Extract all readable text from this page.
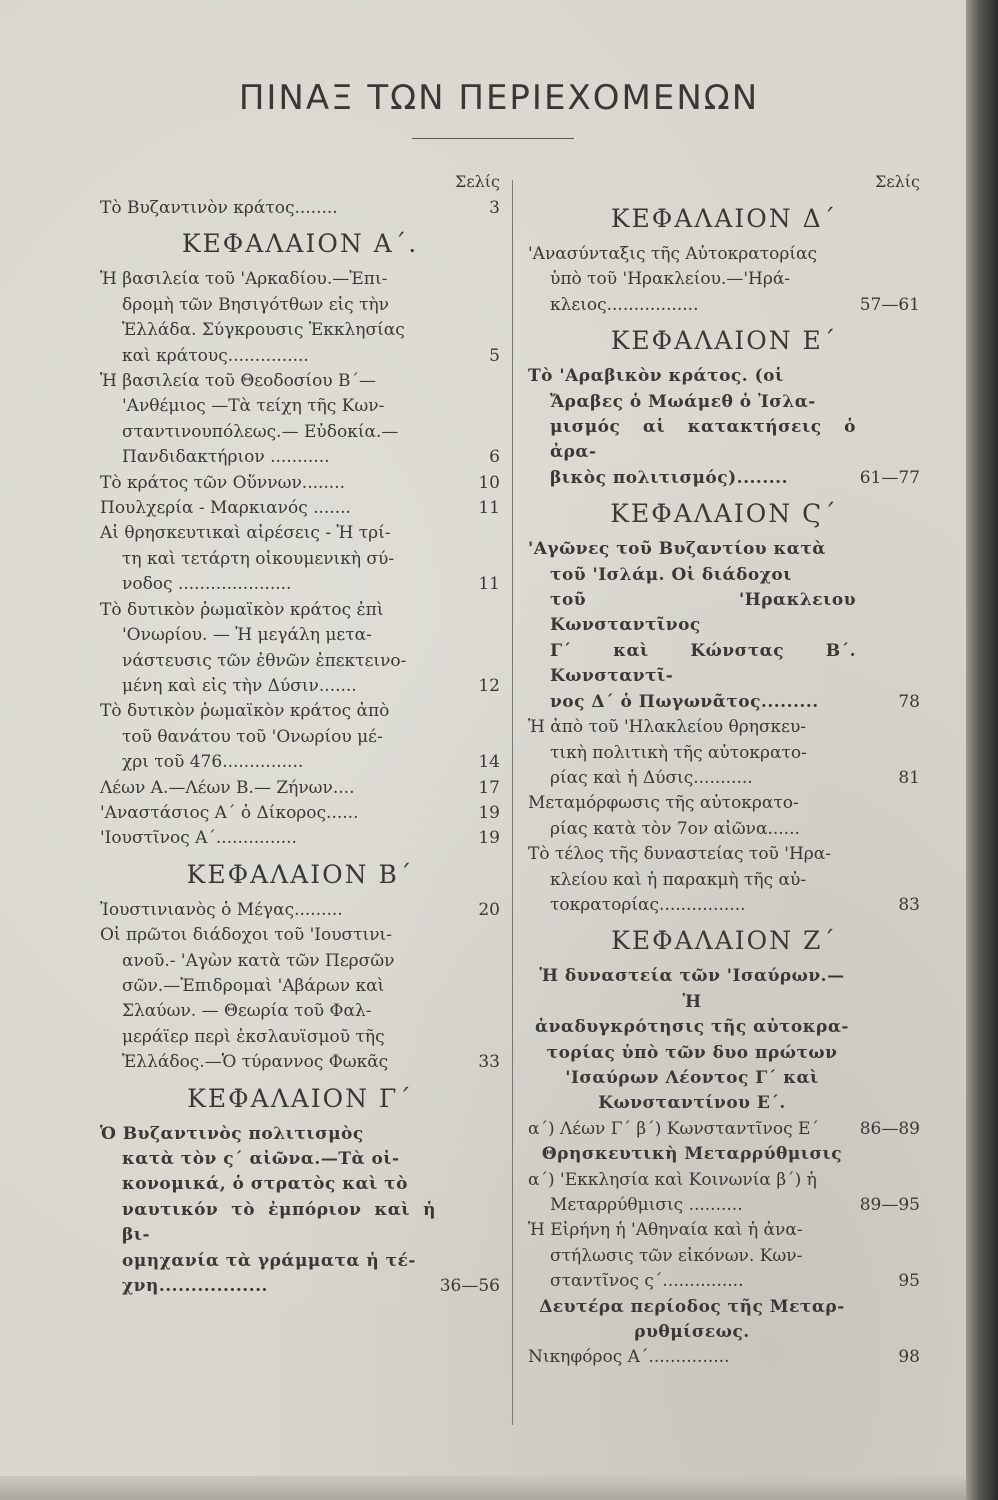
ΠΙΝΑΞ ΤΩΝ ΠΕΡΙΕΧΟΜΕΝΩΝ
Σελίς
Τὸ Βυζαντινὸν κράτος........	3
ΚΕΦΑΛΑΙΟΝ Α΄.
Ἡ βασιλεία τοῦ 'Αρκαδίου.—Ἐπι-
δρομὴ τῶν Βησιγότθων εἰς τὴν
Ἑλλάδα. Σύγκρουσις Ἐκκλησίας
καὶ κράτους...............	5
Ἡ βασιλεία τοῦ Θεοδοσίου Β΄—
'Ανθέμιος —Τὰ τείχη τῆς Κων-
σταντινουπόλεως.— Εὐδοκία.—
Πανδιδακτήριον ...........	6
Τὸ κράτος τῶν Οὕννων........	10
Πουλχερία - Μαρκιανός .......	11
Αἱ θρησκευτικαὶ αἱρέσεις - Ἡ τρί-
τη καὶ τετάρτη οἰκουμενικὴ σύ-
νοδος .....................	11
Τὸ δυτικὸν ῥωμαϊκὸν κράτος ἐπὶ
'Ονωρίου. — Ἡ μεγάλη μετα-
νάστευσις τῶν ἐθνῶν ἐπεκτεινο-
μένη καὶ εἰς τὴν Δύσιν.......	12
Τὸ δυτικὸν ῥωμαϊκὸν κράτος ἀπὸ
τοῦ θανάτου τοῦ 'Ονωρίου μέ-
χρι τοῦ 476...............	14
Λέων Α.—Λέων Β.— Ζήνων....	17
'Αναστάσιος Α΄ ὁ Δίκορος......	19
'Ιουστῖνος Α΄...............	19
ΚΕΦΑΛΑΙΟΝ Β΄
Ἰουστινιανὸς ὁ Μέγας.........	20
Οἱ πρῶτοι διάδοχοι τοῦ 'Ιουστινι-
ανοῦ.- 'Αγὼν κατὰ τῶν Περσῶν
σῶν.—Ἐπιδρομαὶ 'Αβάρων καὶ
Σλαύων. — Θεωρία τοῦ Φαλ-
μεράϊερ περὶ ἐκσλαυϊσμοῦ τῆς
Ἑλλάδος.—Ὁ τύραννος Φωκᾶς	33
ΚΕΦΑΛΑΙΟΝ Γ΄
Ὁ Βυζαντινὸς πολιτισμὸς
κατὰ τὸν ς΄ αἰῶνα.—Τὰ οἰ-
κονομικά, ὁ στρατὸς καὶ τὸ
ναυτικόν τὸ ἐμπόριον καὶ ἡ βι-
ομηχανία τὰ γράμματα ἡ τέ-
χνη.................	36—56
Σελίς
ΚΕΦΑΛΑΙΟΝ Δ΄
'Ανασύνταξις τῆς Αὐτοκρατορίας
ὑπὸ τοῦ 'Ηρακλείου.—'Ηρά-
κλειος.................	57—61
ΚΕΦΑΛΑΙΟΝ Ε΄
Τὸ 'Αραβικὸν κράτος. (οἱ
Ἄραβες ὁ Μωάμεθ ὁ Ἰσλα-
μισμός αἱ κατακτήσεις ὁ ἀρα-
βικὸς πολιτισμός)........	61—77
ΚΕΦΑΛΑΙΟΝ Ϛ΄
'Αγῶνες τοῦ Βυζαντίου κατὰ
τοῦ 'Ισλάμ. Οἱ διάδοχοι
τοῦ 'Ηρακλειου Κωνσταντῖνος
Γ΄ καὶ Κώνστας Β΄. Κωνσταντῖ-
νος Δ΄ ὁ Πωγωνᾶτος.........	78
Ἡ ἀπὸ τοῦ 'Ηλακλείου θρησκευ-
τικὴ πολιτικὴ τῆς αὐτοκρατο-
ρίας καὶ ἡ Δύσις...........	81
Μεταμόρφωσις τῆς αὐτοκρατο-
ρίας κατὰ τὸν 7ον αἰῶνα......
Τὸ τέλος τῆς δυναστείας τοῦ 'Ηρα-
κλείου καὶ ἡ παρακμὴ τῆς αὐ-
τοκρατορίας................	83
ΚΕΦΑΛΑΙΟΝ Ζ΄
Ἡ δυναστεία τῶν 'Ισαύρων.— Ἡ
ἀναδυγκρότησις τῆς αὐτοκρα-
τορίας ὑπὸ τῶν δυο πρώτων
'Ισαύρων Λέοντος Γ΄ καὶ
Κωνσταντίνου Ε΄.
α΄) Λέων Γ΄ β΄) Κωνσταντῖνος Ε΄	86—89
Θρησκευτικὴ Μεταρρύθμισις
α΄) 'Εκκλησία καὶ Κοινωνία β΄) ἡ
Μεταρρύθμισις ..........	89—95
Ἡ Εἰρήνη ἡ 'Αθηναία καὶ ἡ ἀνα-
στήλωσις τῶν εἰκόνων. Κων-
σταντῖνος ς΄...............	95
Δευτέρα περίοδος τῆς Μεταρ-
ρυθμίσεως.
Νικηφόρος Α΄...............	98
